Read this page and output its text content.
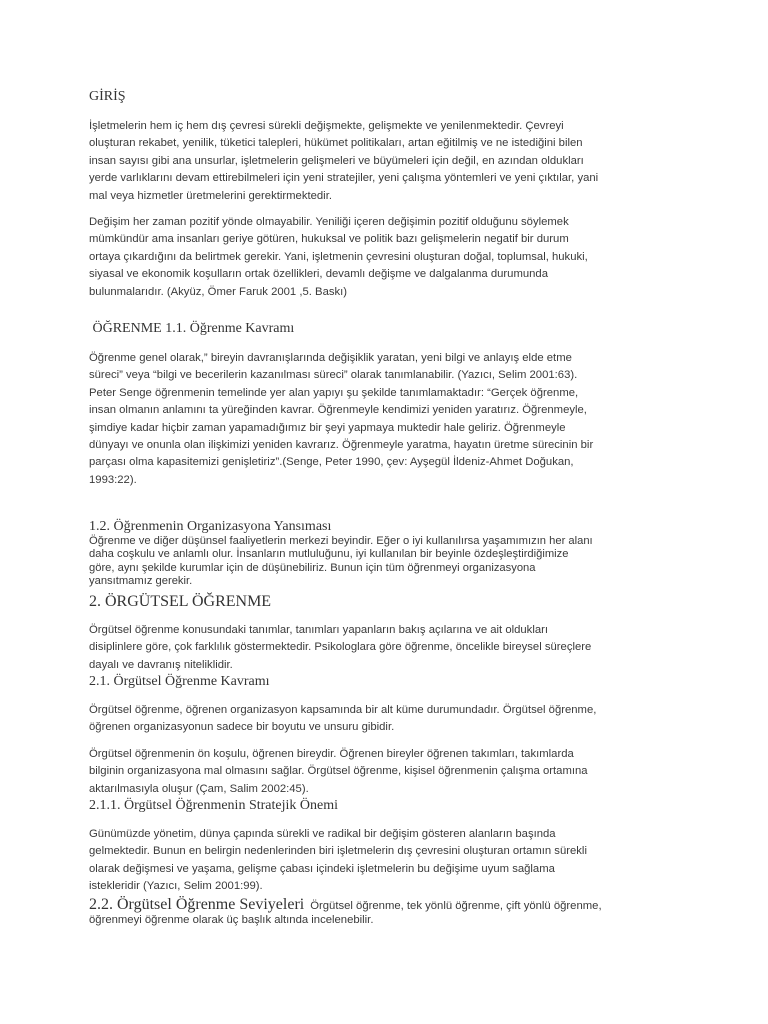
GİRİŞ
İşletmelerin hem iç hem dış çevresi sürekli değişmekte, gelişmekte ve yenilenmektedir. Çevreyi
oluşturan rekabet, yenilik, tüketici talepleri, hükümet politikaları, artan eğitilmiş ve ne istediğini bilen
insan sayısı gibi ana unsurlar, işletmelerin gelişmeleri ve büyümeleri için değil, en azından oldukları
yerde varlıklarını devam ettirebilmeleri için yeni stratejiler, yeni çalışma yöntemleri ve yeni çıktılar, yani
mal veya hizmetler üretmelerini gerektirmektedir.
Değişim her zaman pozitif yönde olmayabilir. Yeniliği içeren değişimin pozitif olduğunu söylemek
mümkündür ama insanları geriye götüren, hukuksal ve politik bazı gelişmelerin negatif bir durum
ortaya çıkardığını da belirtmek gerekir. Yani, işletmenin çevresini oluşturan doğal, toplumsal, hukuki,
siyasal ve ekonomik koşulların ortak özellikleri, devamlı değişme ve dalgalanma durumunda
bulunmalarıdır. (Akyüz, Ömer Faruk 2001 ,5. Baskı)
ÖĞRENME 1.1. Öğrenme Kavramı
Öğrenme genel olarak,” bireyin davranışlarında değişiklik yaratan, yeni bilgi ve anlayış elde etme
süreci” veya “bilgi ve becerilerin kazanılması süreci” olarak tanımlanabilir. (Yazıcı, Selim 2001:63).
Peter Senge öğrenmenin temelinde yer alan yapıyı şu şekilde tanımlamaktadır: “Gerçek öğrenme,
insan olmanın anlamını ta yüreğinden kavrar. Öğrenmeyle kendimizi yeniden yaratırız. Öğrenmeyle,
şimdiye kadar hiçbir zaman yapamadığımız bir şeyi yapmaya muktedir hale geliriz. Öğrenmeyle
dünyayı ve onunla olan ilişkimizi yeniden kavrarız. Öğrenmeyle yaratma, hayatın üretme sürecinin bir
parçası olma kapasitemizi genişletiriz”.(Senge, Peter 1990, çev: Ayşegül İldeniz-Ahmet Doğukan,
1993:22).
1.2. Öğrenmenin Organizasyona Yansıması
Öğrenme ve diğer düşünsel faaliyetlerin merkezi beyindir. Eğer o iyi kullanılırsa yaşamımızın her alanı
daha coşkulu ve anlamlı olur. İnsanların mutluluğunu, iyi kullanılan bir beyinle özdeşleştirdiğimize
göre, aynı şekilde kurumlar için de düşünebiliriz. Bunun için tüm öğrenmeyi organizasyona
yansıtmamız gerekir.
2. ÖRGÜTSEL ÖĞRENME
Örgütsel öğrenme konusundaki tanımlar, tanımları yapanların bakış açılarına ve ait oldukları
disiplinlere göre, çok farklılık göstermektedir. Psikologlara göre öğrenme, öncelikle bireysel süreçlere
dayalı ve davranış niteliklidir.
2.1. Örgütsel Öğrenme Kavramı
Örgütsel öğrenme, öğrenen organizasyon kapsamında bir alt küme durumundadır. Örgütsel öğrenme,
öğrenen organizasyonun sadece bir boyutu ve unsuru gibidir.
Örgütsel öğrenmenin ön koşulu, öğrenen bireydir. Öğrenen bireyler öğrenen takımları, takımlarda
bilginin organizasyona mal olmasını sağlar. Örgütsel öğrenme, kişisel öğrenmenin çalışma ortamına
aktarılmasıyla oluşur (Çam, Salim 2002:45).
2.1.1. Örgütsel Öğrenmenin Stratejik Önemi
Günümüzde yönetim, dünya çapında sürekli ve radikal bir değişim gösteren alanların başında
gelmektedir. Bunun en belirgin nedenlerinden biri işletmelerin dış çevresini oluşturan ortamın sürekli
olarak değişmesi ve yaşama, gelişme çabası içindeki işletmelerin bu değişime uyum sağlama
istekleridir (Yazıcı, Selim 2001:99).
2.2. Örgütsel Öğrenme Seviyeleri Örgütsel öğrenme, tek yönlü öğrenme, çift yönlü öğrenme,
öğrenmeyi öğrenme olarak üç başlık altında incelenebilir.
